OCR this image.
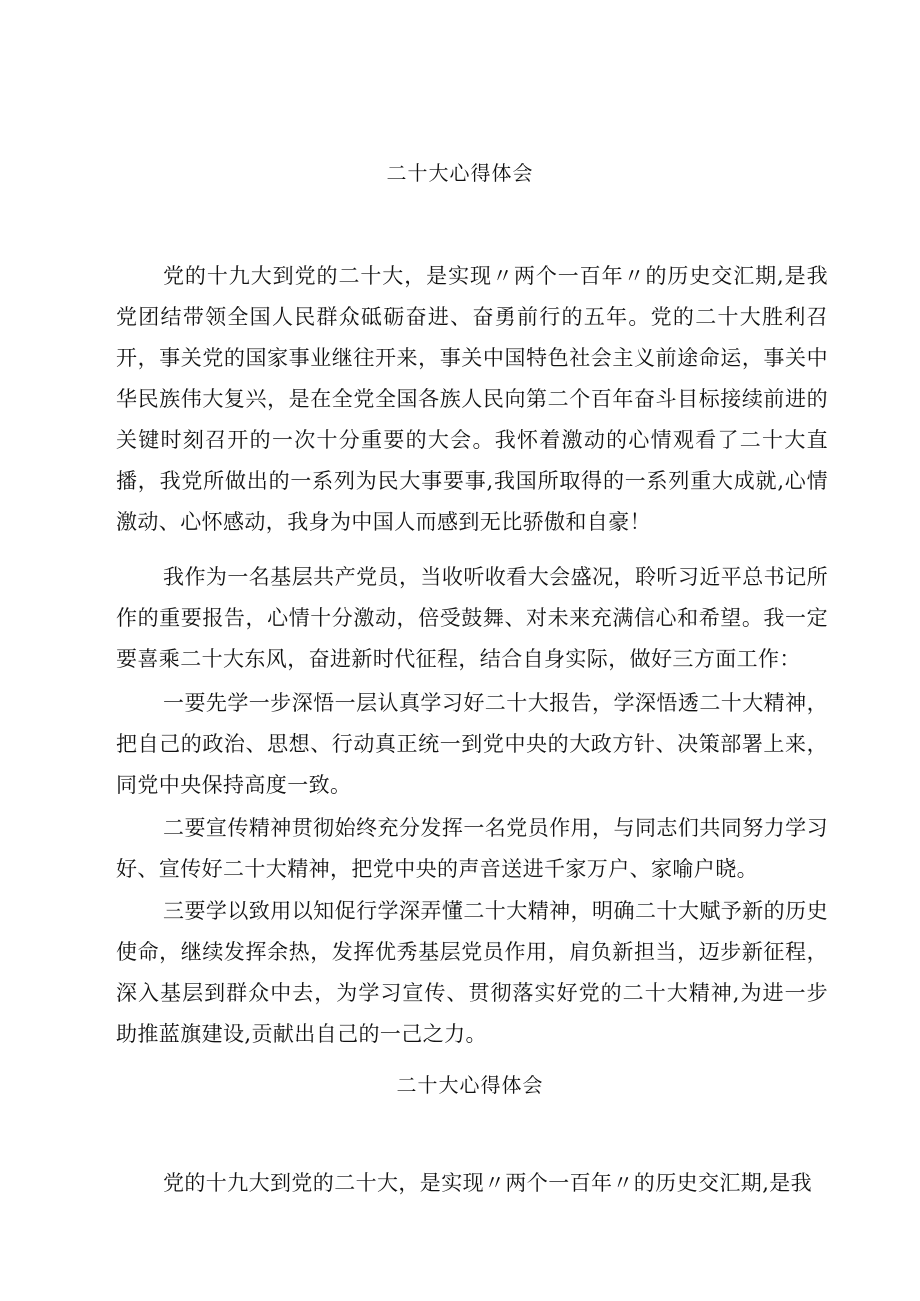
二十大心得体会

党的十九大到党的二十大，是实现〃两个一百年〃的历史交汇期,是我党团结带领全国人民群众砥砺奋进、奋勇前行的五年。党的二十大胜利召开，事关党的国家事业继往开来，事关中国特色社会主义前途命运，事关中华民族伟大复兴，是在全党全国各族人民向第二个百年奋斗目标接续前进的关键时刻召开的一次十分重要的大会。我怀着激动的心情观看了二十大直播，我党所做出的一系列为民大事要事,我国所取得的一系列重大成就,心情激动、心怀感动，我身为中国人而感到无比骄傲和自豪！

我作为一名基层共产党员，当收听收看大会盛况，聆听习近平总书记所作的重要报告，心情十分激动，倍受鼓舞、对未来充满信心和希望。我一定要喜乘二十大东风，奋进新时代征程，结合自身实际，做好三方面工作：

一要先学一步深悟一层认真学习好二十大报告，学深悟透二十大精神，把自己的政治、思想、行动真正统一到党中央的大政方针、决策部署上来，同党中央保持高度一致。

二要宣传精神贯彻始终充分发挥一名党员作用，与同志们共同努力学习好、宣传好二十大精神，把党中央的声音送进千家万户、家喻户晓。

三要学以致用以知促行学深弄懂二十大精神，明确二十大赋予新的历史使命，继续发挥余热，发挥优秀基层党员作用，肩负新担当，迈步新征程，深入基层到群众中去，为学习宣传、贯彻落实好党的二十大精神,为进一步助推蓝旗建设,贡献出自己的一己之力。

二十大心得体会

党的十九大到党的二十大，是实现〃两个一百年〃的历史交汇期,是我
